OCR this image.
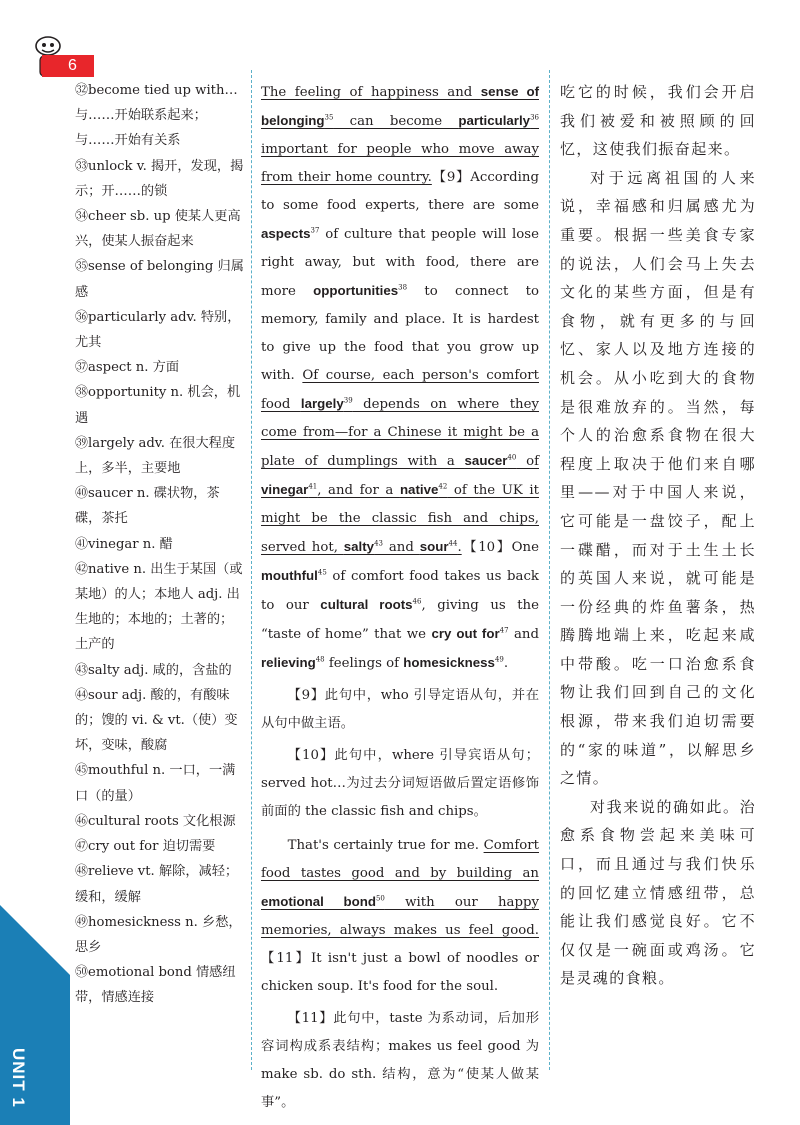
6
UNIT 1

㉜become tied up with… 与……开始联系起来；与……开始有关系

㉝unlock v. 揭开，发现，揭示；开……的锁

㉞cheer sb. up 使某人更高兴，使某人振奋起来

㉟sense of belonging 归属感

㊱particularly adv. 特别，尤其

㊲aspect n. 方面

㊳opportunity n. 机会，机遇

㊴largely adv. 在很大程度上，多半，主要地

㊵saucer n. 碟状物，茶碟，茶托

㊶vinegar n. 醋

㊷native n. 出生于某国（或某地）的人；本地人 adj. 出生地的；本地的；土著的；土产的

㊸salty adj. 咸的，含盐的

㊹sour adj. 酸的，有酸味的；馊的 vi. & vt.（使）变坏，变味，酸腐

㊺mouthful n. 一口，一满口（的量）

㊻cultural roots 文化根源

㊼cry out for 迫切需要

㊽relieve vt. 解除，减轻；缓和，缓解

㊾homesickness n. 乡愁，思乡

㊿emotional bond 情感纽带，情感连接

The feeling of happiness and sense of belonging$^{35}$ can become particularly$^{36}$ important for people who move away from their home country.【9】According to some food experts, there are some aspects$^{37}$ of culture that people will lose right away, but with food, there are more opportunities$^{38}$ to connect to memory, family and place. It is hardest to give up the food that you grow up with. Of course, each person's comfort food largely$^{39}$ depends on where they come from—for a Chinese it might be a plate of dumplings with a saucer$^{40}$ of vinegar$^{41}$, and for a native$^{42}$ of the UK it might be the classic fish and chips, served hot, salty$^{43}$ and sour$^{44}$.【10】One mouthful$^{45}$ of comfort food takes us back to our cultural roots$^{46}$, giving us the “taste of home” that we cry out for$^{47}$ and relieving$^{48}$ feelings of homesickness$^{49}$.

【9】此句中，who 引导定语从句，并在从句中做主语。

【10】此句中，where 引导宾语从句；served hot…为过去分词短语做后置定语修饰前面的 the classic fish and chips。

That's certainly true for me. Comfort food tastes good and by building an emotional bond$^{50}$ with our happy memories, always makes us feel good.【11】It isn't just a bowl of noodles or chicken soup. It's food for the soul.

【11】此句中，taste 为系动词，后加形容词构成系表结构；makes us feel good 为 make sb. do sth. 结构，意为“使某人做某事”。

吃它的时候，我们会开启我们被爱和被照顾的回忆，这使我们振奋起来。

对于远离祖国的人来说，幸福感和归属感尤为重要。根据一些美食专家的说法，人们会马上失去文化的某些方面，但是有食物，就有更多的与回忆、家人以及地方连接的机会。从小吃到大的食物是很难放弃的。当然，每个人的治愈系食物在很大程度上取决于他们来自哪里——对于中国人来说，它可能是一盘饺子，配上一碟醋，而对于土生土长的英国人来说，就可能是一份经典的炸鱼薯条，热腾腾地端上来，吃起来咸中带酸。吃一口治愈系食物让我们回到自己的文化根源，带来我们迫切需要的“家的味道”，以解思乡之情。

对我来说的确如此。治愈系食物尝起来美味可口，而且通过与我们快乐的回忆建立情感纽带，总能让我们感觉良好。它不仅仅是一碗面或鸡汤。它是灵魂的食粮。
